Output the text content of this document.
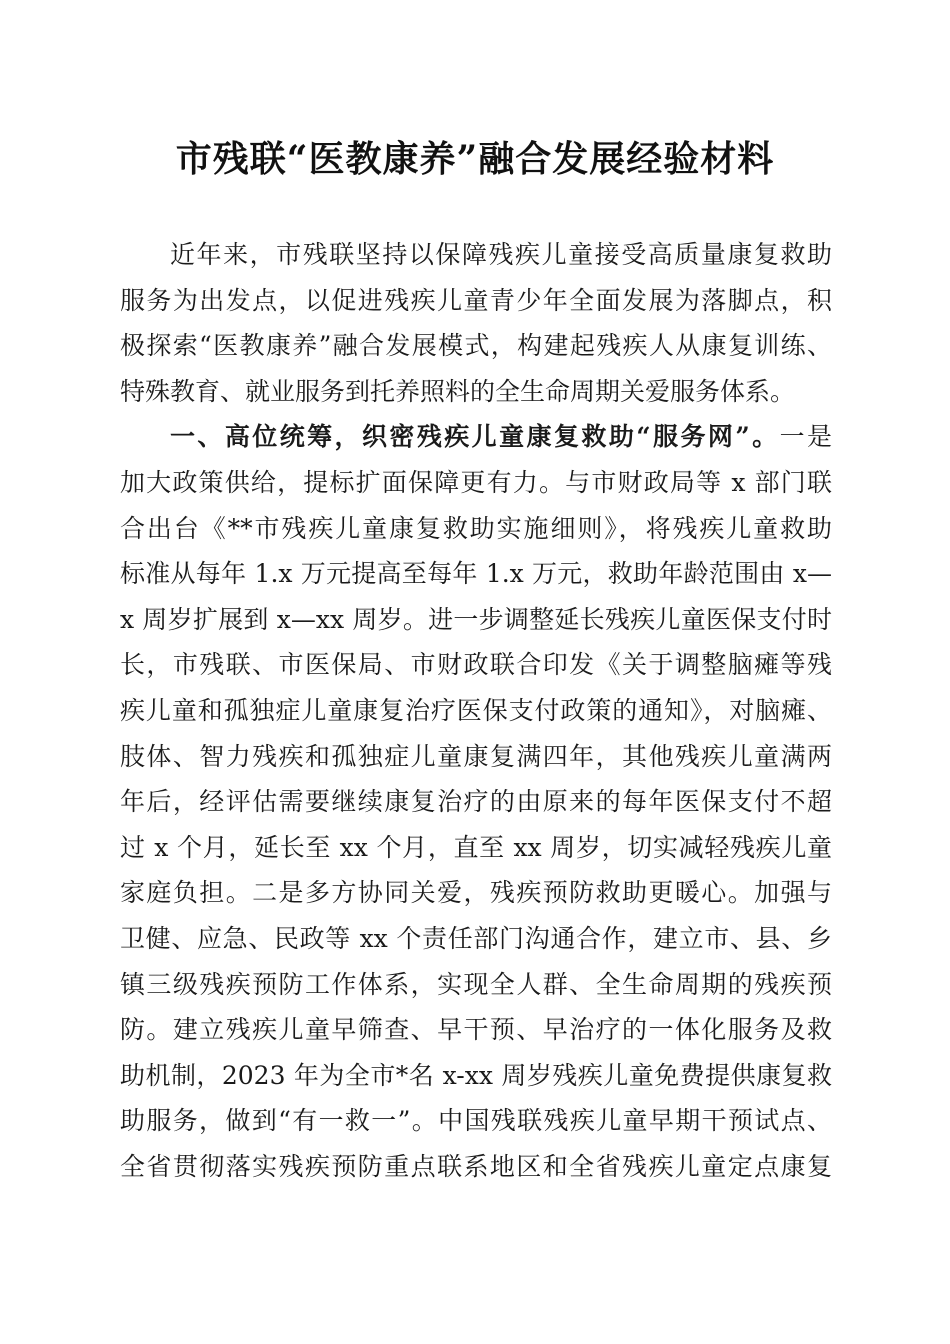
市残联“医教康养”融合发展经验材料
近年来，市残联坚持以保障残疾儿童接受高质量康复救助
服务为出发点，以促进残疾儿童青少年全面发展为落脚点，积
极探索“医教康养”融合发展模式，构建起残疾人从康复训练、
特殊教育、就业服务到托养照料的全生命周期关爱服务体系。
一、高位统筹，织密残疾儿童康复救助“服务网”。一是
加大政策供给，提标扩面保障更有力。与市财政局等 x 部门联
合出台《**市残疾儿童康复救助实施细则》，将残疾儿童救助
标准从每年 1.x 万元提高至每年 1.x 万元，救助年龄范围由 x—
x 周岁扩展到 x—xx 周岁。进一步调整延长残疾儿童医保支付时
长，市残联、市医保局、市财政联合印发《关于调整脑瘫等残
疾儿童和孤独症儿童康复治疗医保支付政策的通知》，对脑瘫、
肢体、智力残疾和孤独症儿童康复满四年，其他残疾儿童满两
年后，经评估需要继续康复治疗的由原来的每年医保支付不超
过 x 个月，延长至 xx 个月，直至 xx 周岁，切实减轻残疾儿童
家庭负担。二是多方协同关爱，残疾预防救助更暖心。加强与
卫健、应急、民政等 xx 个责任部门沟通合作，建立市、县、乡
镇三级残疾预防工作体系，实现全人群、全生命周期的残疾预
防。建立残疾儿童早筛查、早干预、早治疗的一体化服务及救
助机制，2023 年为全市*名 x-xx 周岁残疾儿童免费提供康复救
助服务，做到“有一救一”。中国残联残疾儿童早期干预试点、
全省贯彻落实残疾预防重点联系地区和全省残疾儿童定点康复
